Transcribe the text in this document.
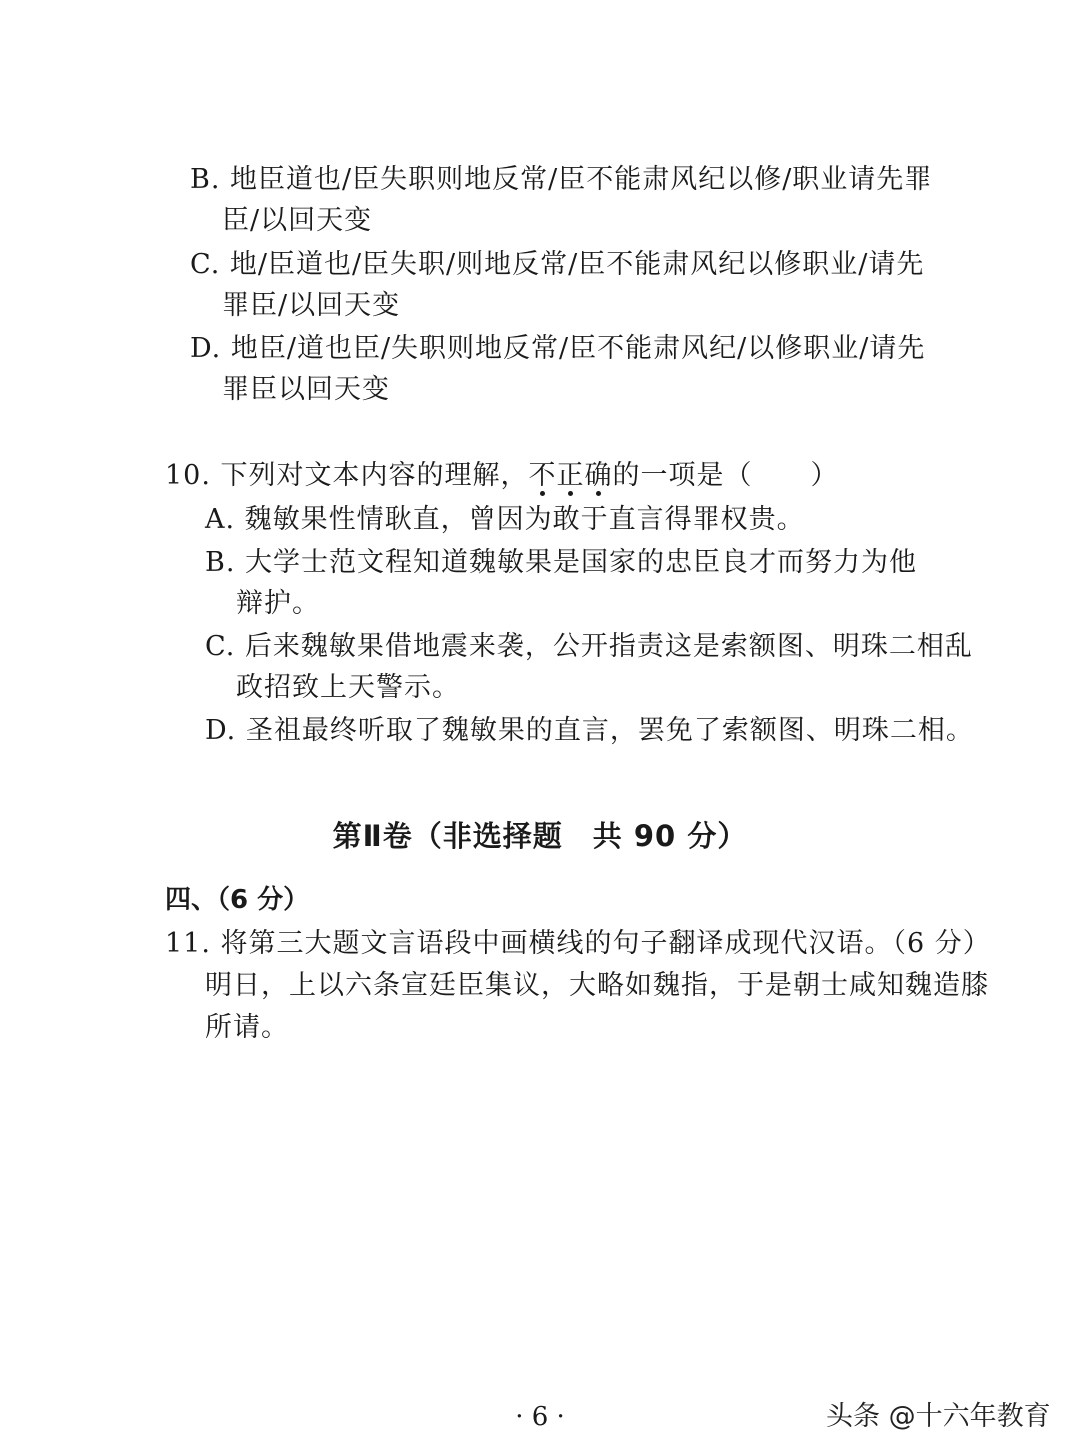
B. 地臣道也/臣失职则地反常/臣不能肃风纪以修/职业请先罪
臣/以回天变
C. 地/臣道也/臣失职/则地反常/臣不能肃风纪以修职业/请先
罪臣/以回天变
D. 地臣/道也臣/失职则地反常/臣不能肃风纪/以修职业/请先
罪臣以回天变
10. 下列对文本内容的理解，不
正
确
的一项是（ ）
A. 魏敏果性情耿直，曾因为敢于直言得罪权贵。
B. 大学士范文程知道魏敏果是国家的忠臣良才而努力为他
辩护。
C. 后来魏敏果借地震来袭，公开指责这是索额图、明珠二相乱
政招致上天警示。
D. 圣祖最终听取了魏敏果的直言，罢免了索额图、明珠二相。
第Ⅱ卷（非选择题　共 90 分）
四、（6 分）
11. 将第三大题文言语段中画横线的句子翻译成现代汉语。（6 分）
明日，上以六条宣廷臣集议，大略如魏指，于是朝士咸知魏造膝
所请。
· 6 ·	头条 @十六年教育
